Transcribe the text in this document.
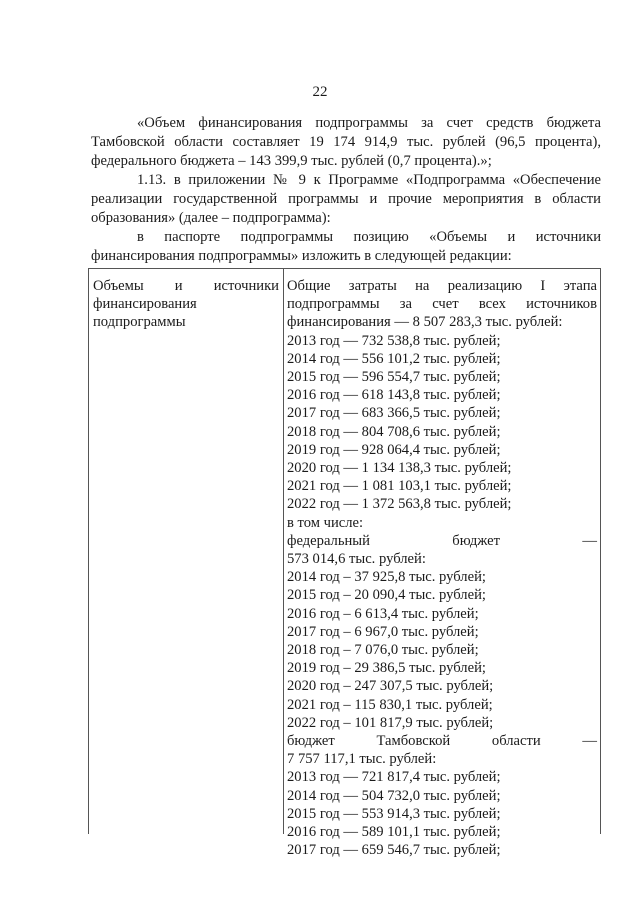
22

«Объем финансирования подпрограммы за счет средств бюджета

Тамбовской области составляет 19 174 914,9 тыс. рублей (96,5 процента),

федерального бюджета – 143 399,9 тыс. рублей (0,7 процента).»;

1.13. в приложении № 9 к Программе «Подпрограмма «Обеспечение

реализации государственной программы и прочие мероприятия в области

образования» (далее – подпрограмма):

в паспорте подпрограммы позицию «Объемы и источники

финансирования подпрограммы» изложить в следующей редакции:

Объемы и источники
финансирования
подпрограммы
Общие затраты на реализацию I этапа
подпрограммы за счет всех источников
финансирования — 8 507 283,3 тыс. рублей:
2013 год — 732 538,8 тыс. рублей;
2014 год — 556 101,2 тыс. рублей;
2015 год — 596 554,7 тыс. рублей;
2016 год — 618 143,8 тыс. рублей;
2017 год — 683 366,5 тыс. рублей;
2018 год — 804 708,6 тыс. рублей;
2019 год — 928 064,4 тыс. рублей;
2020 год — 1 134 138,3 тыс. рублей;
2021 год — 1 081 103,1 тыс. рублей;
2022 год — 1 372 563,8 тыс. рублей;
в том числе:
федеральный бюджет —
573 014,6 тыс. рублей:
2014 год – 37 925,8 тыс. рублей;
2015 год – 20 090,4 тыс. рублей;
2016 год – 6 613,4 тыс. рублей;
2017 год – 6 967,0 тыс. рублей;
2018 год – 7 076,0 тыс. рублей;
2019 год – 29 386,5 тыс. рублей;
2020 год – 247 307,5 тыс. рублей;
2021 год – 115 830,1 тыс. рублей;
2022 год – 101 817,9 тыс. рублей;
бюджет Тамбовской области —
7 757 117,1 тыс. рублей:
2013 год — 721 817,4 тыс. рублей;
2014 год — 504 732,0 тыс. рублей;
2015 год — 553 914,3 тыс. рублей;
2016 год — 589 101,1 тыс. рублей;
2017 год — 659 546,7 тыс. рублей;
